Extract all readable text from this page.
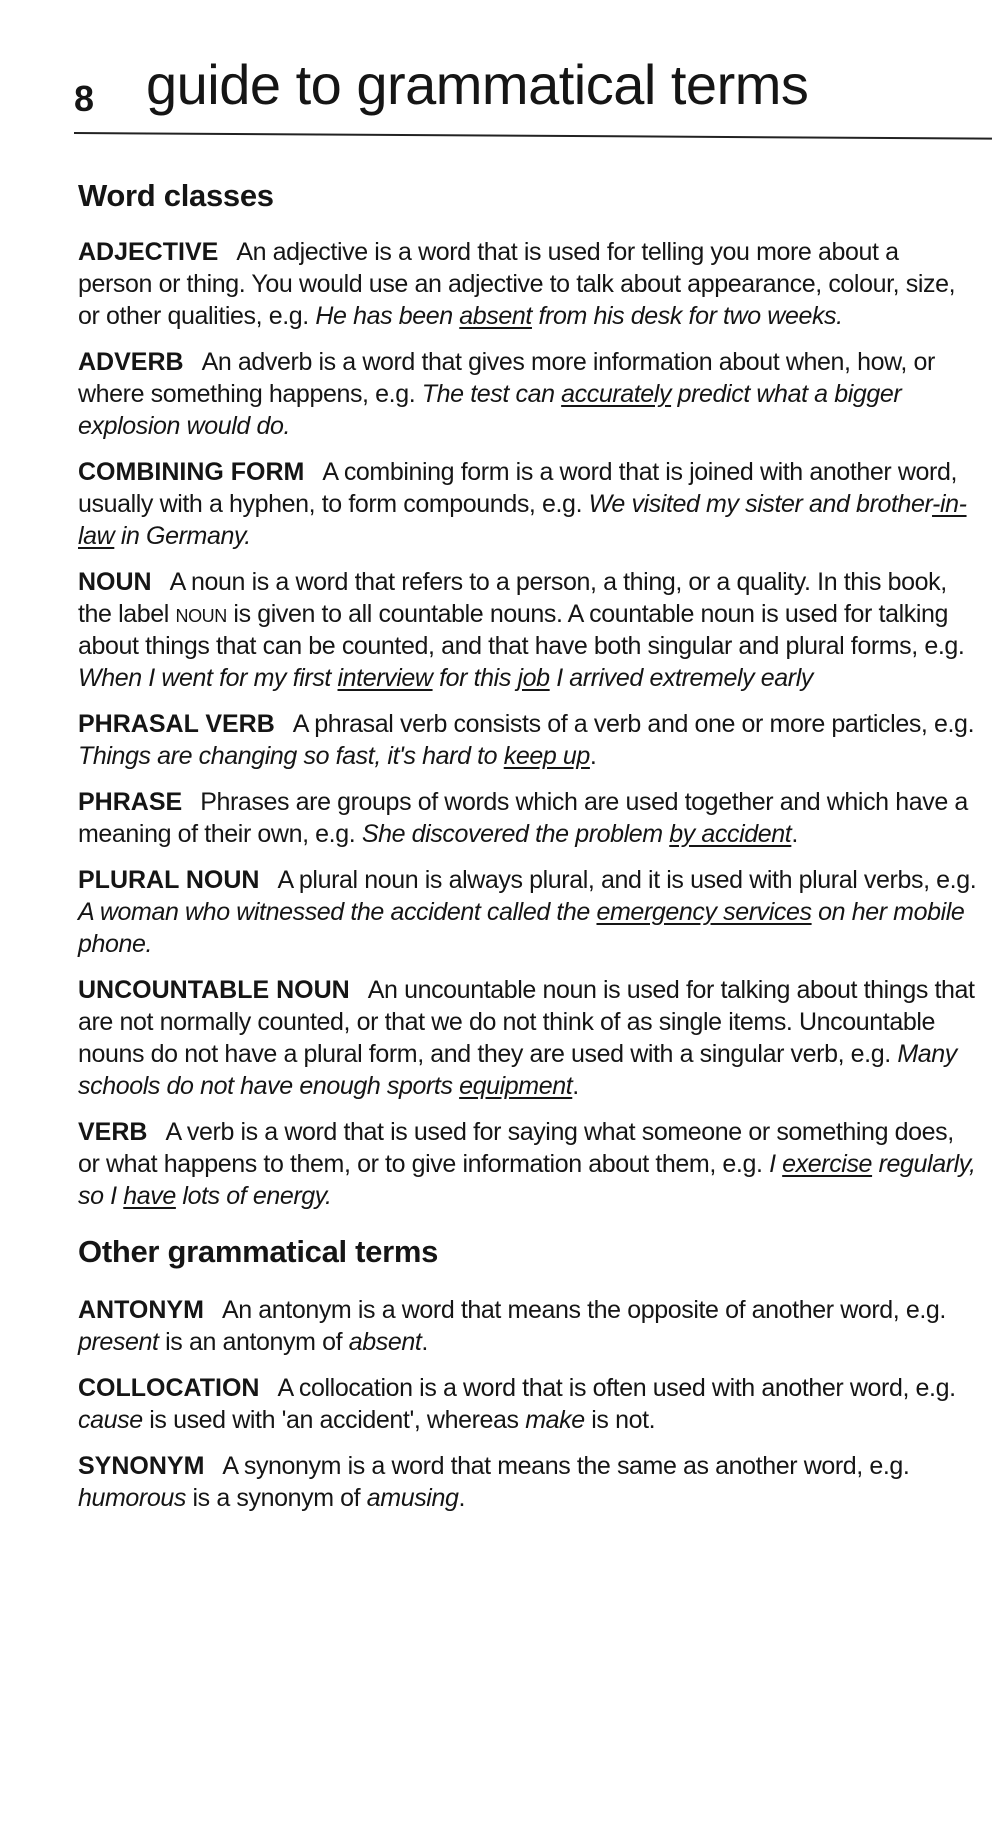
8 guide to grammatical terms
Word classes

ADJECTIVE An adjective is a word that is used for telling you more about a person or thing. You would use an adjective to talk about appearance, colour, size, or other qualities, e.g. He has been absent from his desk for two weeks.

ADVERB An adverb is a word that gives more information about when, how, or where something happens, e.g. The test can accurately predict what a bigger explosion would do.

COMBINING FORM A combining form is a word that is joined with another word, usually with a hyphen, to form compounds, e.g. We visited my sister and brother-in-law in Germany.

NOUN A noun is a word that refers to a person, a thing, or a quality. In this book, the label noun is given to all countable nouns. A countable noun is used for talking about things that can be counted, and that have both singular and plural forms, e.g. When I went for my first interview for this job I arrived extremely early

PHRASAL VERB A phrasal verb consists of a verb and one or more particles, e.g. Things are changing so fast, it's hard to keep up.

PHRASE Phrases are groups of words which are used together and which have a meaning of their own, e.g. She discovered the problem by accident.

PLURAL NOUN A plural noun is always plural, and it is used with plural verbs, e.g. A woman who witnessed the accident called the emergency services on her mobile phone.

UNCOUNTABLE NOUN An uncountable noun is used for talking about things that are not normally counted, or that we do not think of as single items. Uncountable nouns do not have a plural form, and they are used with a singular verb, e.g. Many schools do not have enough sports equipment.

VERB A verb is a word that is used for saying what someone or something does, or what happens to them, or to give information about them, e.g. I exercise regularly, so I have lots of energy.

Other grammatical terms

ANTONYM An antonym is a word that means the opposite of another word, e.g. present is an antonym of absent.

COLLOCATION A collocation is a word that is often used with another word, e.g. cause is used with 'an accident', whereas make is not.

SYNONYM A synonym is a word that means the same as another word, e.g. humorous is a synonym of amusing.
